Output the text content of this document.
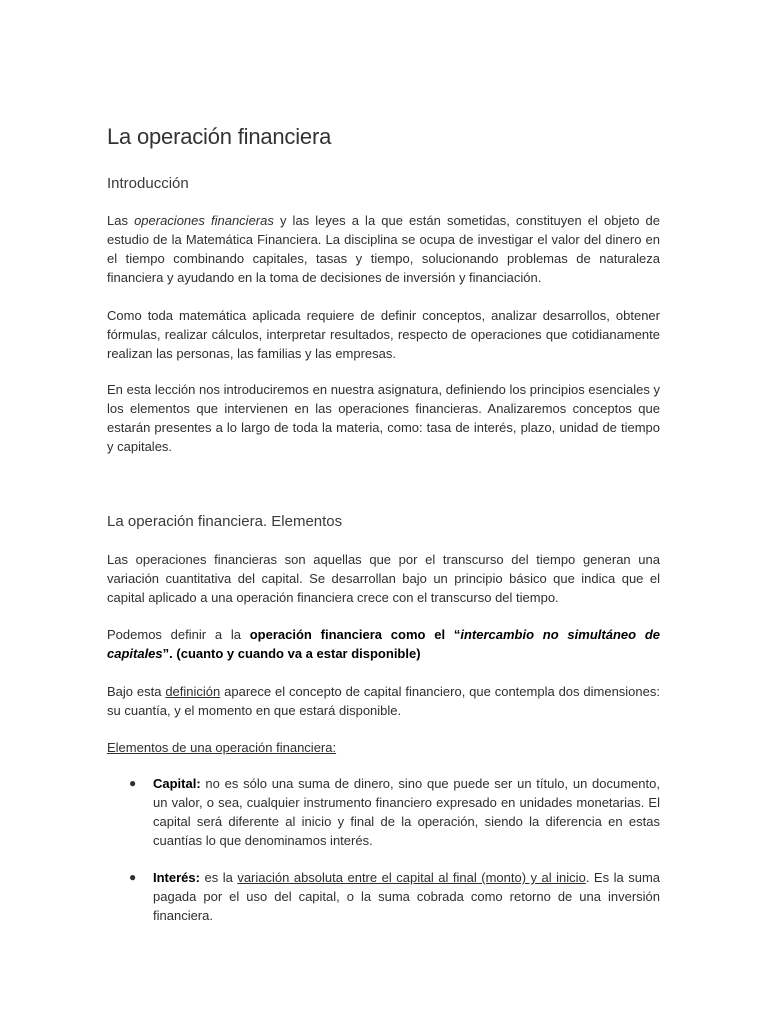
La operación financiera
Introducción

Las operaciones financieras y las leyes a la que están sometidas, constituyen el objeto de estudio de la Matemática Financiera. La disciplina se ocupa de investigar el valor del dinero en el tiempo combinando capitales, tasas y tiempo, solucionando problemas de naturaleza financiera y ayudando en la toma de decisiones de inversión y financiación.

Como toda matemática aplicada requiere de definir conceptos, analizar desarrollos, obtener fórmulas, realizar cálculos, interpretar resultados, respecto de operaciones que cotidianamente realizan las personas, las familias y las empresas.

En esta lección nos introduciremos en nuestra asignatura, definiendo los principios esenciales y los elementos que intervienen en las operaciones financieras. Analizaremos conceptos que estarán presentes a lo largo de toda la materia, como: tasa de interés, plazo, unidad de tiempo y capitales.

La operación financiera. Elementos

Las operaciones financieras son aquellas que por el transcurso del tiempo generan una variación cuantitativa del capital. Se desarrollan bajo un principio básico que indica que el capital aplicado a una operación financiera crece con el transcurso del tiempo.

Podemos definir a la operación financiera como el “intercambio no simultáneo de capitales”. (cuanto y cuando va a estar disponible)

Bajo esta definición aparece el concepto de capital financiero, que contempla dos dimensiones: su cuantía, y el momento en que estará disponible.

Elementos de una operación financiera:

● Capital: no es sólo una suma de dinero, sino que puede ser un título, un documento, un valor, o sea, cualquier instrumento financiero expresado en unidades monetarias. El capital será diferente al inicio y final de la operación, siendo la diferencia en estas cuantías lo que denominamos interés.
● Interés: es la variación absoluta entre el capital al final (monto) y al inicio. Es la suma pagada por el uso del capital, o la suma cobrada como retorno de una inversión financiera.
